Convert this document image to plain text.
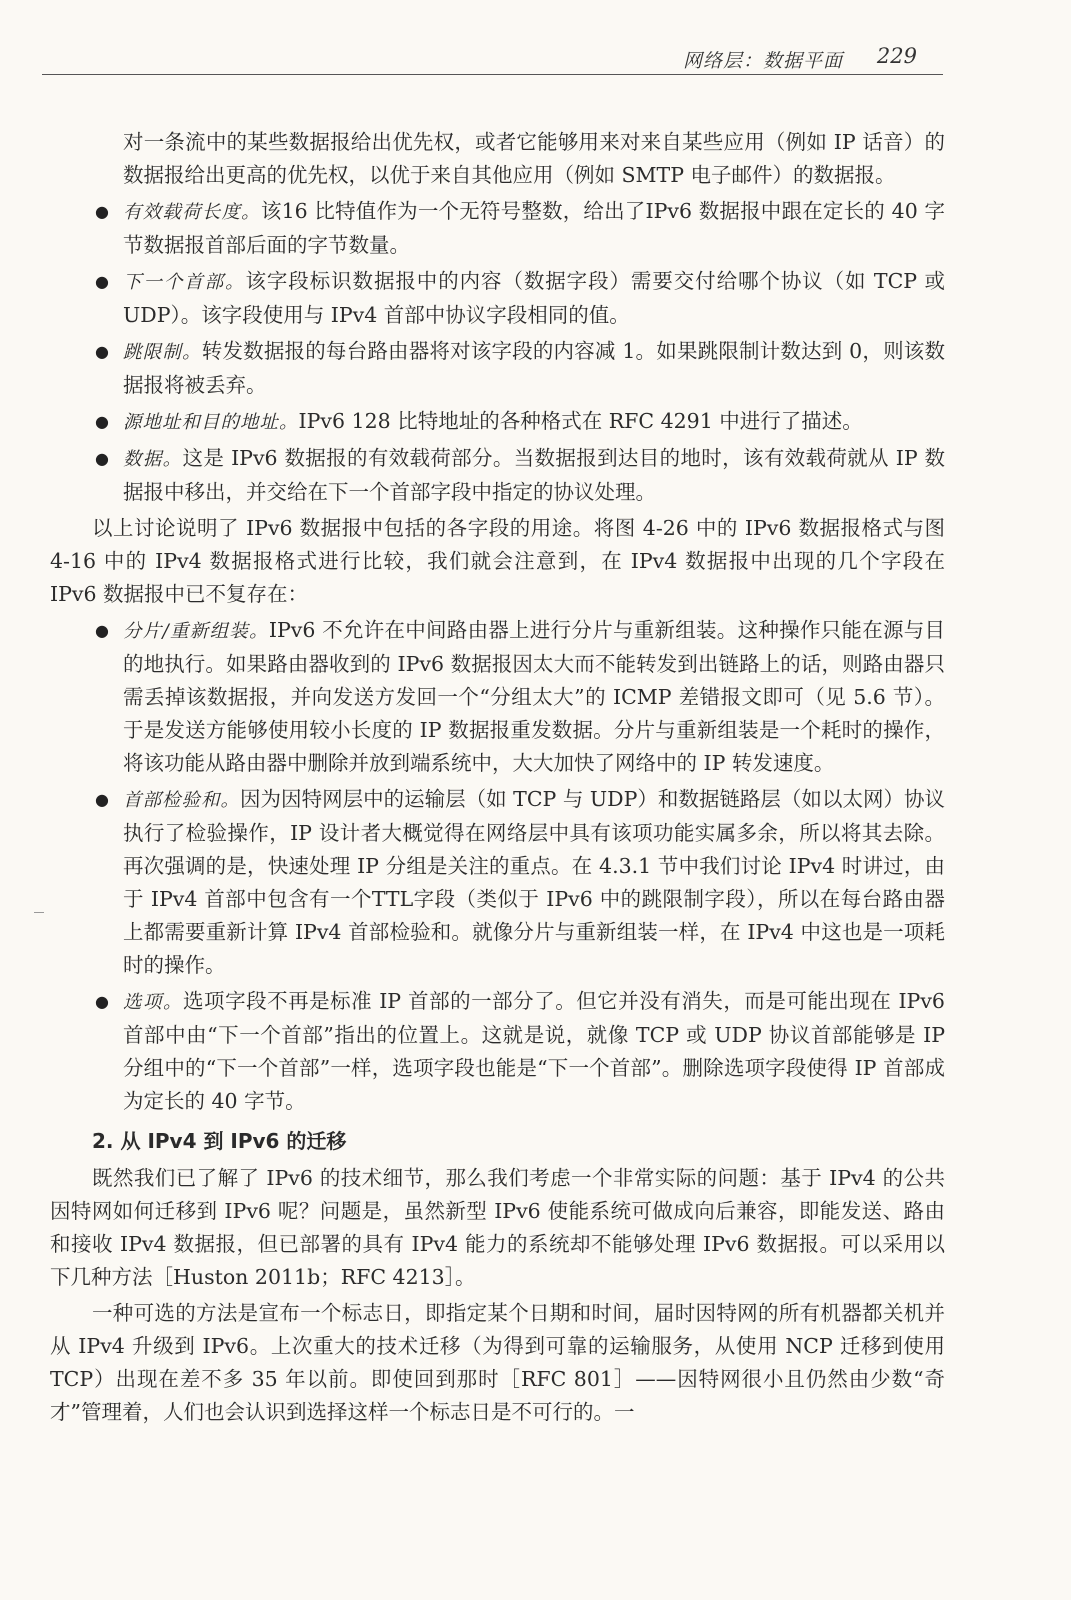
网络层：数据平面 229

对一条流中的某些数据报给出优先权，或者它能够用来对来自某些应用（例如 IP 话音）的数据报给出更高的优先权，以优于来自其他应用（例如 SMTP 电子邮件）的数据报。

● 有效载荷长度。该16 比特值作为一个无符号整数，给出了IPv6 数据报中跟在定长的 40 字节数据报首部后面的字节数量。
● 下一个首部。该字段标识数据报中的内容（数据字段）需要交付给哪个协议（如 TCP 或 UDP）。该字段使用与 IPv4 首部中协议字段相同的值。
● 跳限制。转发数据报的每台路由器将对该字段的内容减 1。如果跳限制计数达到 0，则该数据报将被丢弃。
● 源地址和目的地址。IPv6 128 比特地址的各种格式在 RFC 4291 中进行了描述。
● 数据。这是 IPv6 数据报的有效载荷部分。当数据报到达目的地时，该有效载荷就从 IP 数据报中移出，并交给在下一个首部字段中指定的协议处理。

以上讨论说明了 IPv6 数据报中包括的各字段的用途。将图 4-26 中的 IPv6 数据报格式与图 4-16 中的 IPv4 数据报格式进行比较，我们就会注意到，在 IPv4 数据报中出现的几个字段在 IPv6 数据报中已不复存在：

● 分片/重新组装。IPv6 不允许在中间路由器上进行分片与重新组装。这种操作只能在源与目的地执行。如果路由器收到的 IPv6 数据报因太大而不能转发到出链路上的话，则路由器只需丢掉该数据报，并向发送方发回一个“分组太大”的 ICMP 差错报文即可（见 5.6 节）。于是发送方能够使用较小长度的 IP 数据报重发数据。分片与重新组装是一个耗时的操作，将该功能从路由器中删除并放到端系统中，大大加快了网络中的 IP 转发速度。
● 首部检验和。因为因特网层中的运输层（如 TCP 与 UDP）和数据链路层（如以太网）协议执行了检验操作，IP 设计者大概觉得在网络层中具有该项功能实属多余，所以将其去除。再次强调的是，快速处理 IP 分组是关注的重点。在 4.3.1 节中我们讨论 IPv4 时讲过，由于 IPv4 首部中包含有一个TTL字段（类似于 IPv6 中的跳限制字段），所以在每台路由器上都需要重新计算 IPv4 首部检验和。就像分片与重新组装一样，在 IPv4 中这也是一项耗时的操作。
● 选项。选项字段不再是标准 IP 首部的一部分了。但它并没有消失，而是可能出现在 IPv6 首部中由“下一个首部”指出的位置上。这就是说，就像 TCP 或 UDP 协议首部能够是 IP 分组中的“下一个首部”一样，选项字段也能是“下一个首部”。删除选项字段使得 IP 首部成为定长的 40 字节。
2. 从 IPv4 到 IPv6 的迁移

既然我们已了解了 IPv6 的技术细节，那么我们考虑一个非常实际的问题：基于 IPv4 的公共因特网如何迁移到 IPv6 呢？问题是，虽然新型 IPv6 使能系统可做成向后兼容，即能发送、路由和接收 IPv4 数据报，但已部署的具有 IPv4 能力的系统却不能够处理 IPv6 数据报。可以采用以下几种方法［Huston 2011b；RFC 4213］。

一种可选的方法是宣布一个标志日，即指定某个日期和时间，届时因特网的所有机器都关机并从 IPv4 升级到 IPv6。上次重大的技术迁移（为得到可靠的运输服务，从使用 NCP 迁移到使用 TCP）出现在差不多 35 年以前。即使回到那时［RFC 801］——因特网很小且仍然由少数“奇才”管理着，人们也会认识到选择这样一个标志日是不可行的。一
